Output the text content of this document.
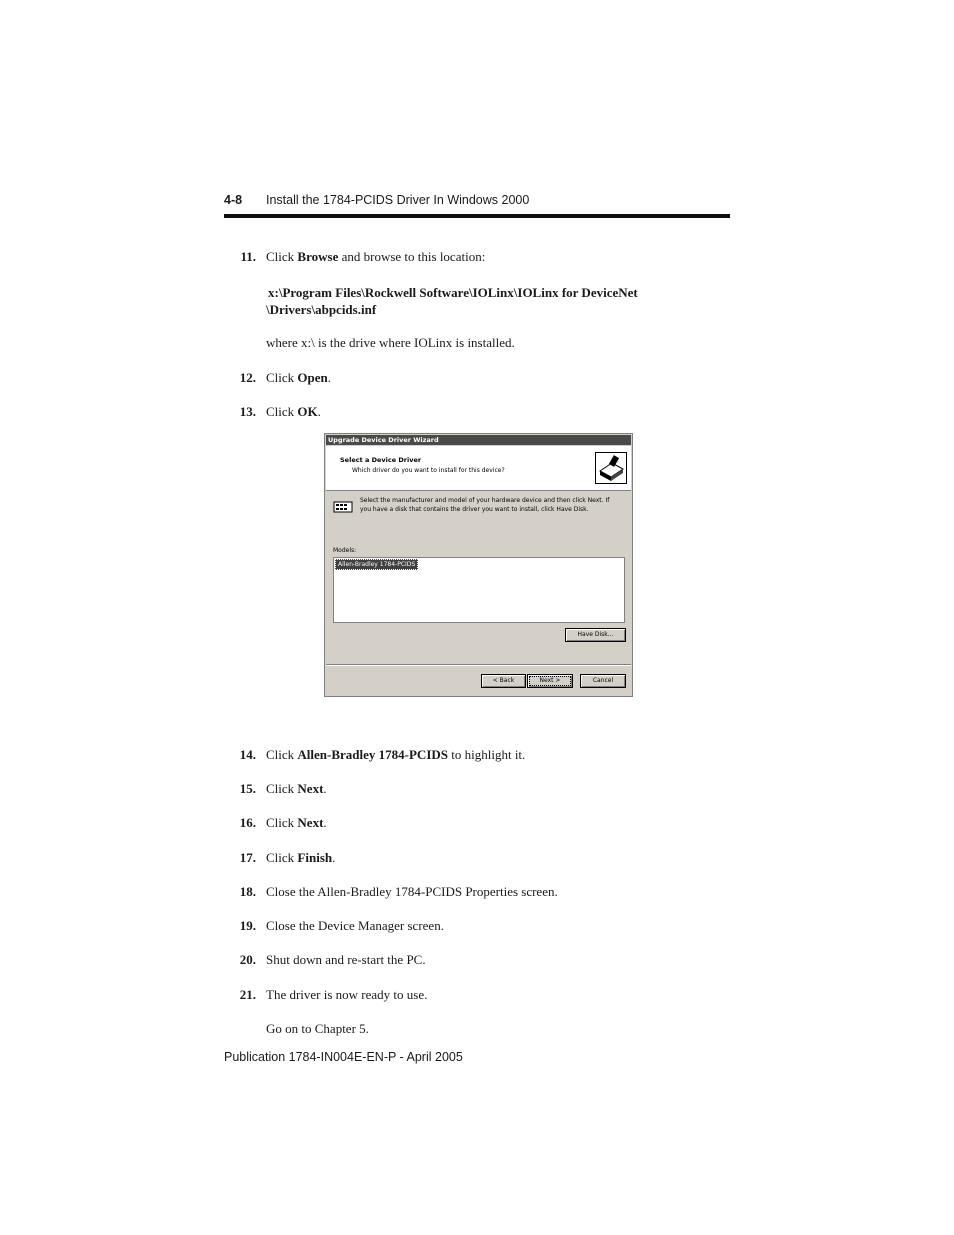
4-8 Install the 1784-PCIDS Driver In Windows 2000
11. Click Browse and browse to this location:
x:\Program Files\Rockwell Software\IOLinx\IOLinx for DeviceNet
\Drivers\abpcids.inf
where x:\ is the drive where IOLinx is installed.
12. Click Open.
13. Click OK.
Upgrade Device Driver Wizard
Select a Device Driver
Which driver do you want to install for this device?
Select the manufacturer and model of your hardware device and then click Next. If you have a disk that contains the driver you want to install, click Have Disk.
Models:
Allen-Bradley 1784-PCIDS
Have Disk...
< Back	Next >	Cancel
14. Click Allen-Bradley 1784-PCIDS to highlight it.
15. Click Next.
16. Click Next.
17. Click Finish.
18. Close the Allen-Bradley 1784-PCIDS Properties screen.
19. Close the Device Manager screen.
20. Shut down and re-start the PC.
21. The driver is now ready to use.
Go on to Chapter 5.
Publication 1784-IN004E-EN-P - April 2005
